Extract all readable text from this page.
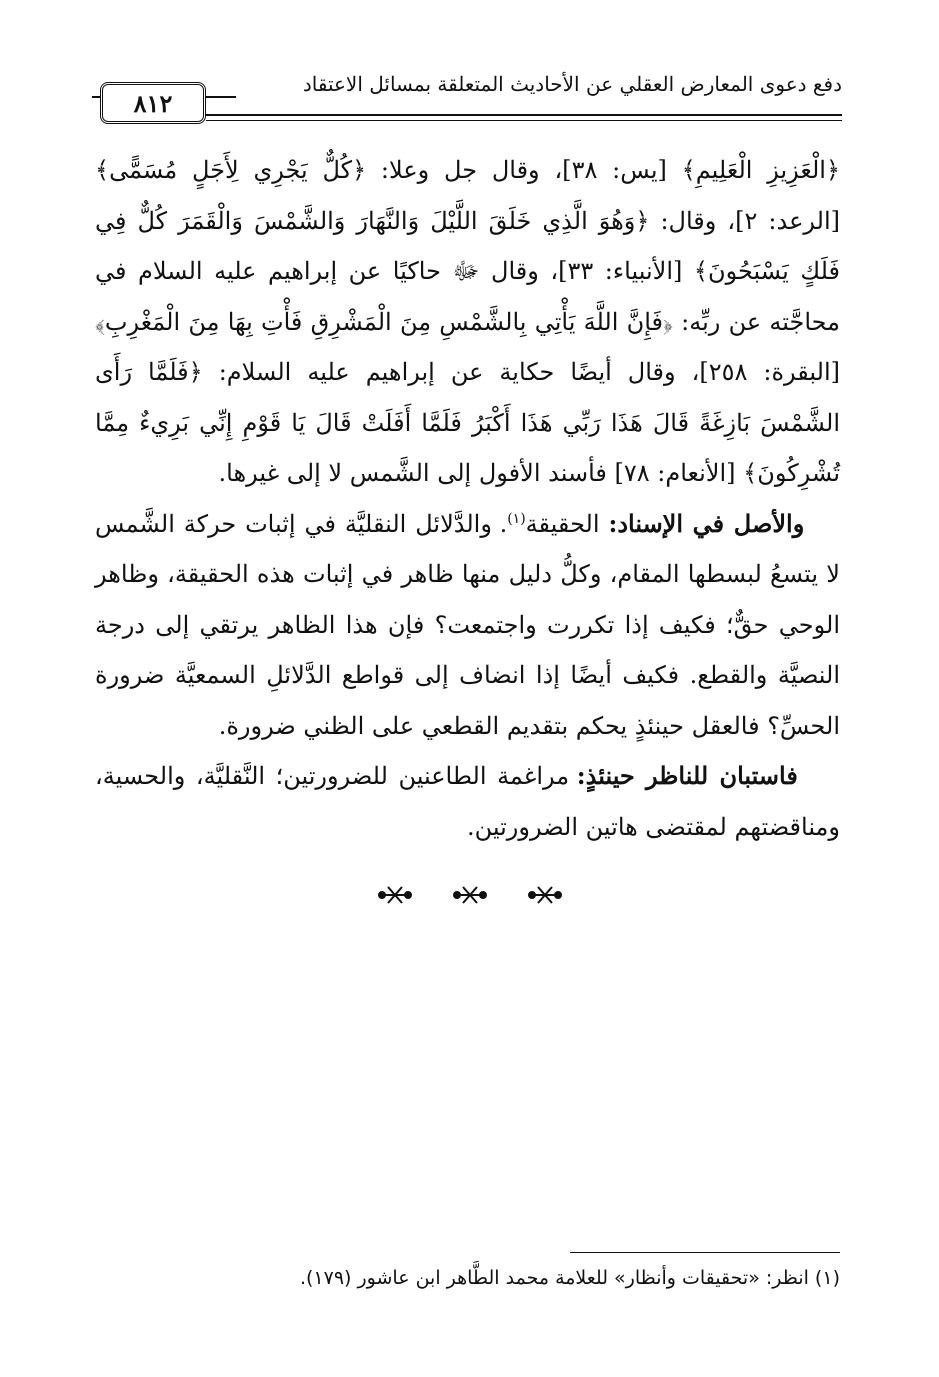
دفع دعوى المعارض العقلي عن الأحاديث المتعلقة بمسائل الاعتقاد
٨١٢

﴿الْعَزِيزِ الْعَلِيمِ﴾ [يس: ٣٨]، وقال جل وعلا: ﴿كُلٌّ يَجْرِي لِأَجَلٍ مُسَمًّى﴾ [الرعد: ٢]، وقال: ﴿وَهُوَ الَّذِي خَلَقَ اللَّيْلَ وَالنَّهَارَ وَالشَّمْسَ وَالْقَمَرَ كُلٌّ فِي فَلَكٍ يَسْبَحُونَ﴾ [الأنبياء: ٣٣]، وقال ﷻ حاكيًا عن إبراهيم عليه السلام في محاجَّته عن ربِّه: ﴿فَإِنَّ اللَّهَ يَأْتِي بِالشَّمْسِ مِنَ الْمَشْرِقِ فَأْتِ بِهَا مِنَ الْمَغْرِبِ﴾ [البقرة: ٢٥٨]، وقال أيضًا حكاية عن إبراهيم عليه السلام: ﴿فَلَمَّا رَأَى الشَّمْسَ بَازِغَةً قَالَ هَذَا رَبِّي هَذَا أَكْبَرُ فَلَمَّا أَفَلَتْ قَالَ يَا قَوْمِ إِنِّي بَرِيءٌ مِمَّا تُشْرِكُونَ﴾ [الأنعام: ٧٨] فأسند الأفول إلى الشَّمس لا إلى غيرها.

والأصل في الإسناد: الحقيقة$^{(١)}$. والدَّلائل النقليَّة في إثبات حركة الشَّمس لا يتسعُ لبسطها المقام، وكلُّ دليل منها ظاهر في إثبات هذه الحقيقة، وظاهر الوحي حقٌّ؛ فكيف إذا تكررت واجتمعت؟ فإن هذا الظاهر يرتقي إلى درجة النصيَّة والقطع. فكيف أيضًا إذا انضاف إلى قواطع الدَّلائلِ السمعيَّة ضرورة الحسِّ؟ فالعقل حينئذٍ يحكم بتقديم القطعي على الظني ضرورة.

فاستبان للناظر حينئذٍ: مراغمة الطاعنين للضرورتين؛ النَّقليَّة، والحسية، ومناقضتهم لمقتضى هاتين الضرورتين.

(١) انظر: «تحقيقات وأنظار» للعلامة محمد الطَّاهر ابن عاشور (١٧٩).
